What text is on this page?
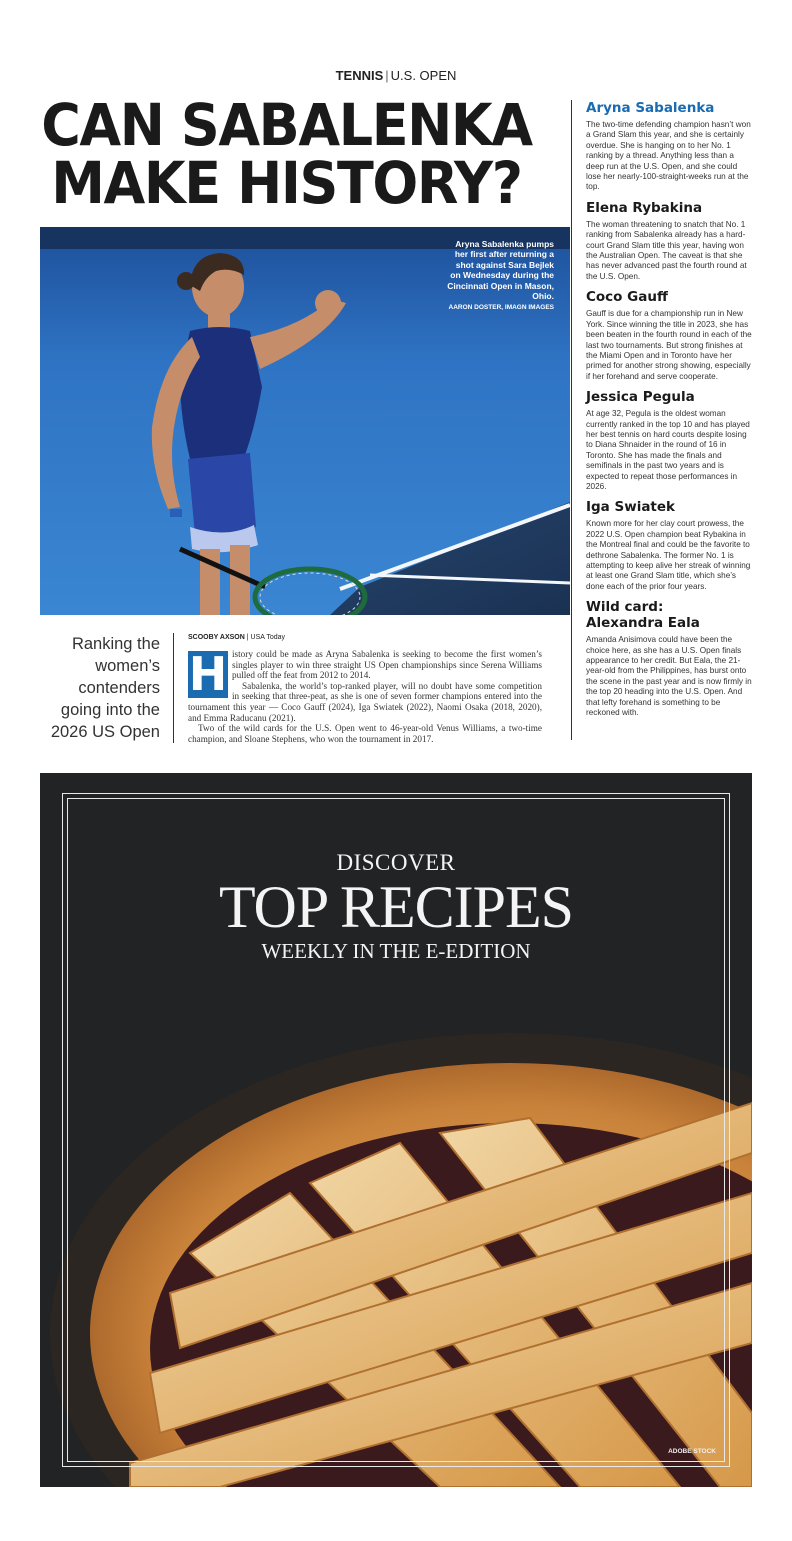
TENNIS | U.S. OPEN
CAN SABALENKA
MAKE HISTORY?
Aryna Sabalenka pumps her first after returning a shot against Sara Bejlek on Wednesday during the Cincinnati Open in Mason, Ohio.
AARON DOSTER, IMAGN IMAGES
Aryna Sabalenka
The two-time defending champion hasn’t won a Grand Slam this year, and she is certainly overdue. She is hanging on to her No. 1 ranking by a thread. Anything less than a deep run at the U.S. Open, and she could lose her nearly-100-straight-weeks run at the top.
Elena Rybakina
The woman threatening to snatch that No. 1 ranking from Sabalenka already has a hard-court Grand Slam title this year, having won the Australian Open. The caveat is that she has never advanced past the fourth round at the U.S. Open.
Coco Gauff
Gauff is due for a championship run in New York. Since winning the title in 2023, she has been beaten in the fourth round in each of the last two tournaments. But strong finishes at the Miami Open and in Toronto have her primed for another strong showing, especially if her forehand and serve cooperate.
Jessica Pegula
At age 32, Pegula is the oldest woman currently ranked in the top 10 and has played her best tennis on hard courts despite losing to Diana Shnaider in the round of 16 in Toronto. She has made the finals and semifinals in the past two years and is expected to repeat those performances in 2026.
Iga Swiatek
Known more for her clay court prowess, the 2022 U.S. Open champion beat Rybakina in the Montreal final and could be the favorite to dethrone Sabalenka. The former No. 1 is attempting to keep alive her streak of winning at least one Grand Slam title, which she’s done each of the prior four years.
Wild card:
Alexandra Eala
Amanda Anisimova could have been the choice here, as she has a U.S. Open finals appearance to her credit. But Eala, the 21-year-old from the Philippines, has burst onto the scene in the past year and is now firmly in the top 20 heading into the U.S. Open. And that lefty forehand is something to be reckoned with.
Ranking the women’s contenders going into the 2026 US Open
SCOOBY AXSON | USA Today
H istory could be made as Aryna Sabalenka is seeking to become the first women’s singles player to win three straight US Open championships since Serena Williams pulled off the feat from 2012 to 2014.

Sabalenka, the world’s top-ranked player, will no doubt have some competition in seeking that three-peat, as she is one of seven former champions entered into the tournament this year — Coco Gauff (2024), Iga Swiatek (2022), Naomi Osaka (2018, 2020), and Emma Raducanu (2021).

Two of the wild cards for the U.S. Open went to 46-year-old Venus Williams, a two-time champion, and Sloane Stephens, who won the tournament in 2017.

DISCOVER
TOP RECIPES
WEEKLY IN THE E-EDITION
ADOBE STOCK
